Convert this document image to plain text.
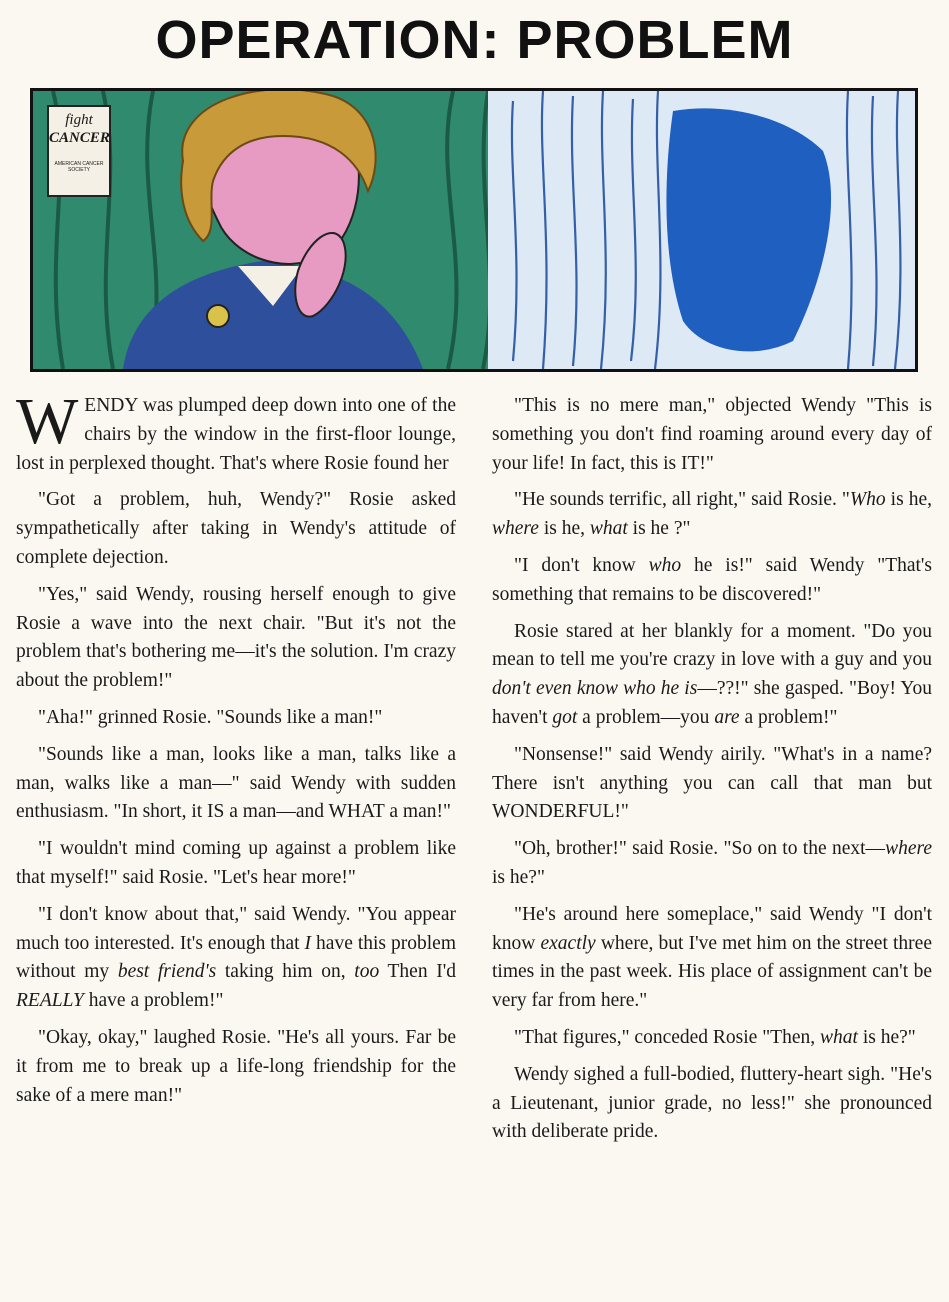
OPERATION: PROBLEM
fight
CANCER
AMERICAN CANCER SOCIETY

WENDY was plumped deep down into one of the chairs by the window in the first-floor lounge, lost in perplexed thought. That's where Rosie found her

"Got a problem, huh, Wendy?" Rosie asked sympathetically after taking in Wendy's attitude of complete dejection.

"Yes," said Wendy, rousing herself enough to give Rosie a wave into the next chair. "But it's not the problem that's bothering me—it's the solution. I'm crazy about the problem!"

"Aha!" grinned Rosie. "Sounds like a man!"

"Sounds like a man, looks like a man, talks like a man, walks like a man—" said Wendy with sudden enthusiasm. "In short, it IS a man—and WHAT a man!"

"I wouldn't mind coming up against a problem like that myself!" said Rosie. "Let's hear more!"

"I don't know about that," said Wendy. "You appear much too interested. It's enough that I have this problem without my best friend's taking him on, too Then I'd REALLY have a problem!"

"Okay, okay," laughed Rosie. "He's all yours. Far be it from me to break up a life-long friendship for the sake of a mere man!"

"This is no mere man," objected Wendy "This is something you don't find roaming around every day of your life! In fact, this is IT!"

"He sounds terrific, all right," said Rosie. "Who is he, where is he, what is he ?"

"I don't know who he is!" said Wendy "That's something that remains to be discovered!"

Rosie stared at her blankly for a moment. "Do you mean to tell me you're crazy in love with a guy and you don't even know who he is—??!" she gasped. "Boy! You haven't got a problem—you are a problem!"

"Nonsense!" said Wendy airily. "What's in a name? There isn't anything you can call that man but WONDERFUL!"

"Oh, brother!" said Rosie. "So on to the next—where is he?"

"He's around here someplace," said Wendy "I don't know exactly where, but I've met him on the street three times in the past week. His place of assignment can't be very far from here."

"That figures," conceded Rosie "Then, what is he?"

Wendy sighed a full-bodied, fluttery-heart sigh. "He's a Lieutenant, junior grade, no less!" she pronounced with deliberate pride.
